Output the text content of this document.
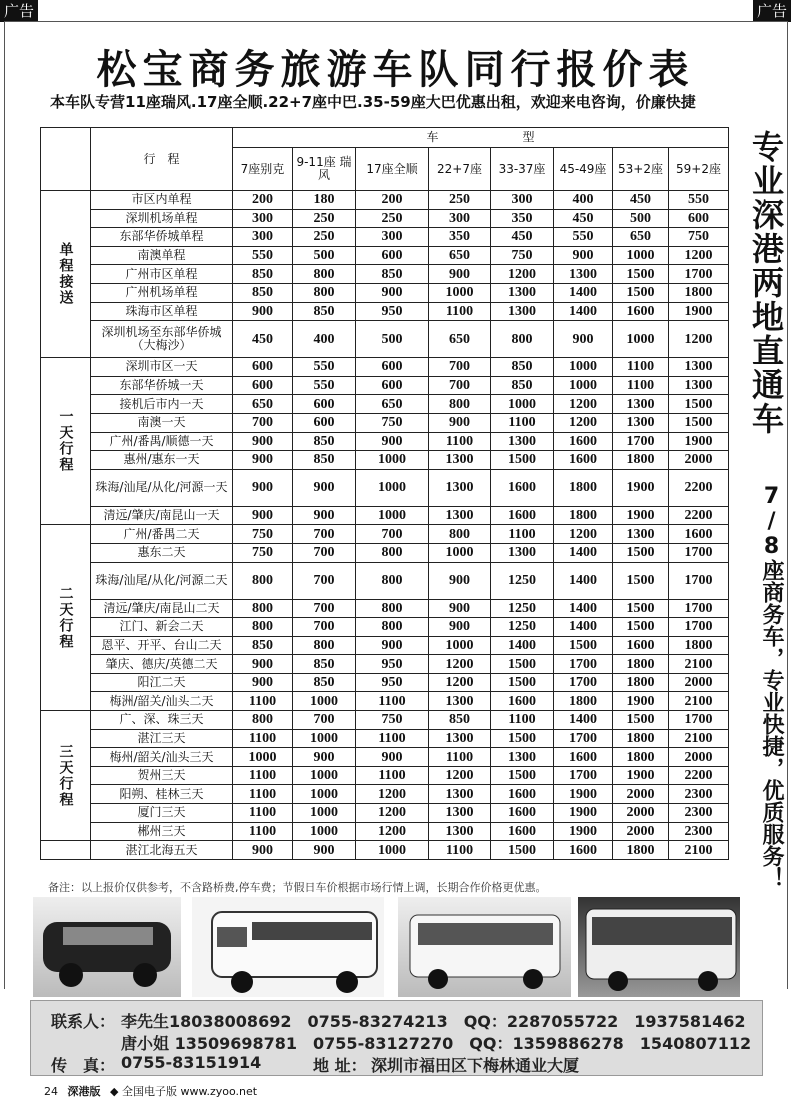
广告	广告
松宝商务旅游车队同行报价表
本车队专营11座瑞风.17座全顺.22+7座中巴.35-59座大巴优惠出租，欢迎来电咨询，价廉快捷
	行　程	车　　　　　　　型							
		7座别克	9-11座 瑞风	17座全顺	22+7座	33-37座	45-49座	53+2座	59+2座
单程接送	市区内单程	200	180	200	250	300	400	450	550
	深圳机场单程	300	250	250	300	350	450	500	600
	东部华侨城单程	300	250	300	350	450	550	650	750
	南澳单程	550	500	600	650	750	900	1000	1200
	广州市区单程	850	800	850	900	1200	1300	1500	1700
	广州机场单程	850	800	900	1000	1300	1400	1500	1800
	珠海市区单程	900	850	950	1100	1300	1400	1600	1900
	深圳机场至东部华侨城（大梅沙）	450	400	500	650	800	900	1000	1200
一天行程	深圳市区一天	600	550	600	700	850	1000	1100	1300
	东部华侨城一天	600	550	600	700	850	1000	1100	1300
	接机后市内一天	650	600	650	800	1000	1200	1300	1500
	南澳一天	700	600	750	900	1100	1200	1300	1500
	广州/番禺/顺德一天	900	850	900	1100	1300	1600	1700	1900
	惠州/惠东一天	900	850	1000	1300	1500	1600	1800	2000
	珠海/汕尾/从化/河源一天	900	900	1000	1300	1600	1800	1900	2200
	清远/肇庆/南昆山一天	900	900	1000	1300	1600	1800	1900	2200
二天行程	广州/番禺二天	750	700	700	800	1100	1200	1300	1600
	惠东二天	750	700	800	1000	1300	1400	1500	1700
	珠海/汕尾/从化/河源二天	800	700	800	900	1250	1400	1500	1700
	清远/肇庆/南昆山二天	800	700	800	900	1250	1400	1500	1700
	江门、新会二天	800	700	800	900	1250	1400	1500	1700
	恩平、开平、台山二天	850	800	900	1000	1400	1500	1600	1800
	肇庆、德庆/英德二天	900	850	950	1200	1500	1700	1800	2100
	阳江二天	900	850	950	1200	1500	1700	1800	2000
	梅洲/韶关/汕头二天	1100	1000	1100	1300	1600	1800	1900	2100
三天行程	广、深、珠三天	800	700	750	850	1100	1400	1500	1700
	湛江三天	1100	1000	1100	1300	1500	1700	1800	2100
	梅州/韶关/汕头三天	1000	900	900	1100	1300	1600	1800	2000
	贺州三天	1100	1000	1100	1200	1500	1700	1900	2200
	阳朔、桂林三天	1100	1000	1200	1300	1600	1900	2000	2300
	厦门三天	1100	1000	1200	1300	1600	1900	2000	2300
	郴州三天	1100	1000	1200	1300	1600	1900	2000	2300
	湛江北海五天	900	900	1000	1100	1500	1600	1800	2100
专业深港两地直通车
7/8座商务车，专业快捷，优质服务！
备注：以上报价仅供参考，不含路桥费,停车费；节假日车价根据市场行情上调，长期合作价格更优惠。
联系人： 李先生18038008692　0755-83274213　QQ：2287055722　1937581462
唐小姐 13509698781　0755-83127270　QQ：1359886278　1540807112
传　真： 0755-83151914	地 址： 深圳市福田区下梅林通业大厦
24 深港版 ◆ 全国电子版 www.zyoo.net
